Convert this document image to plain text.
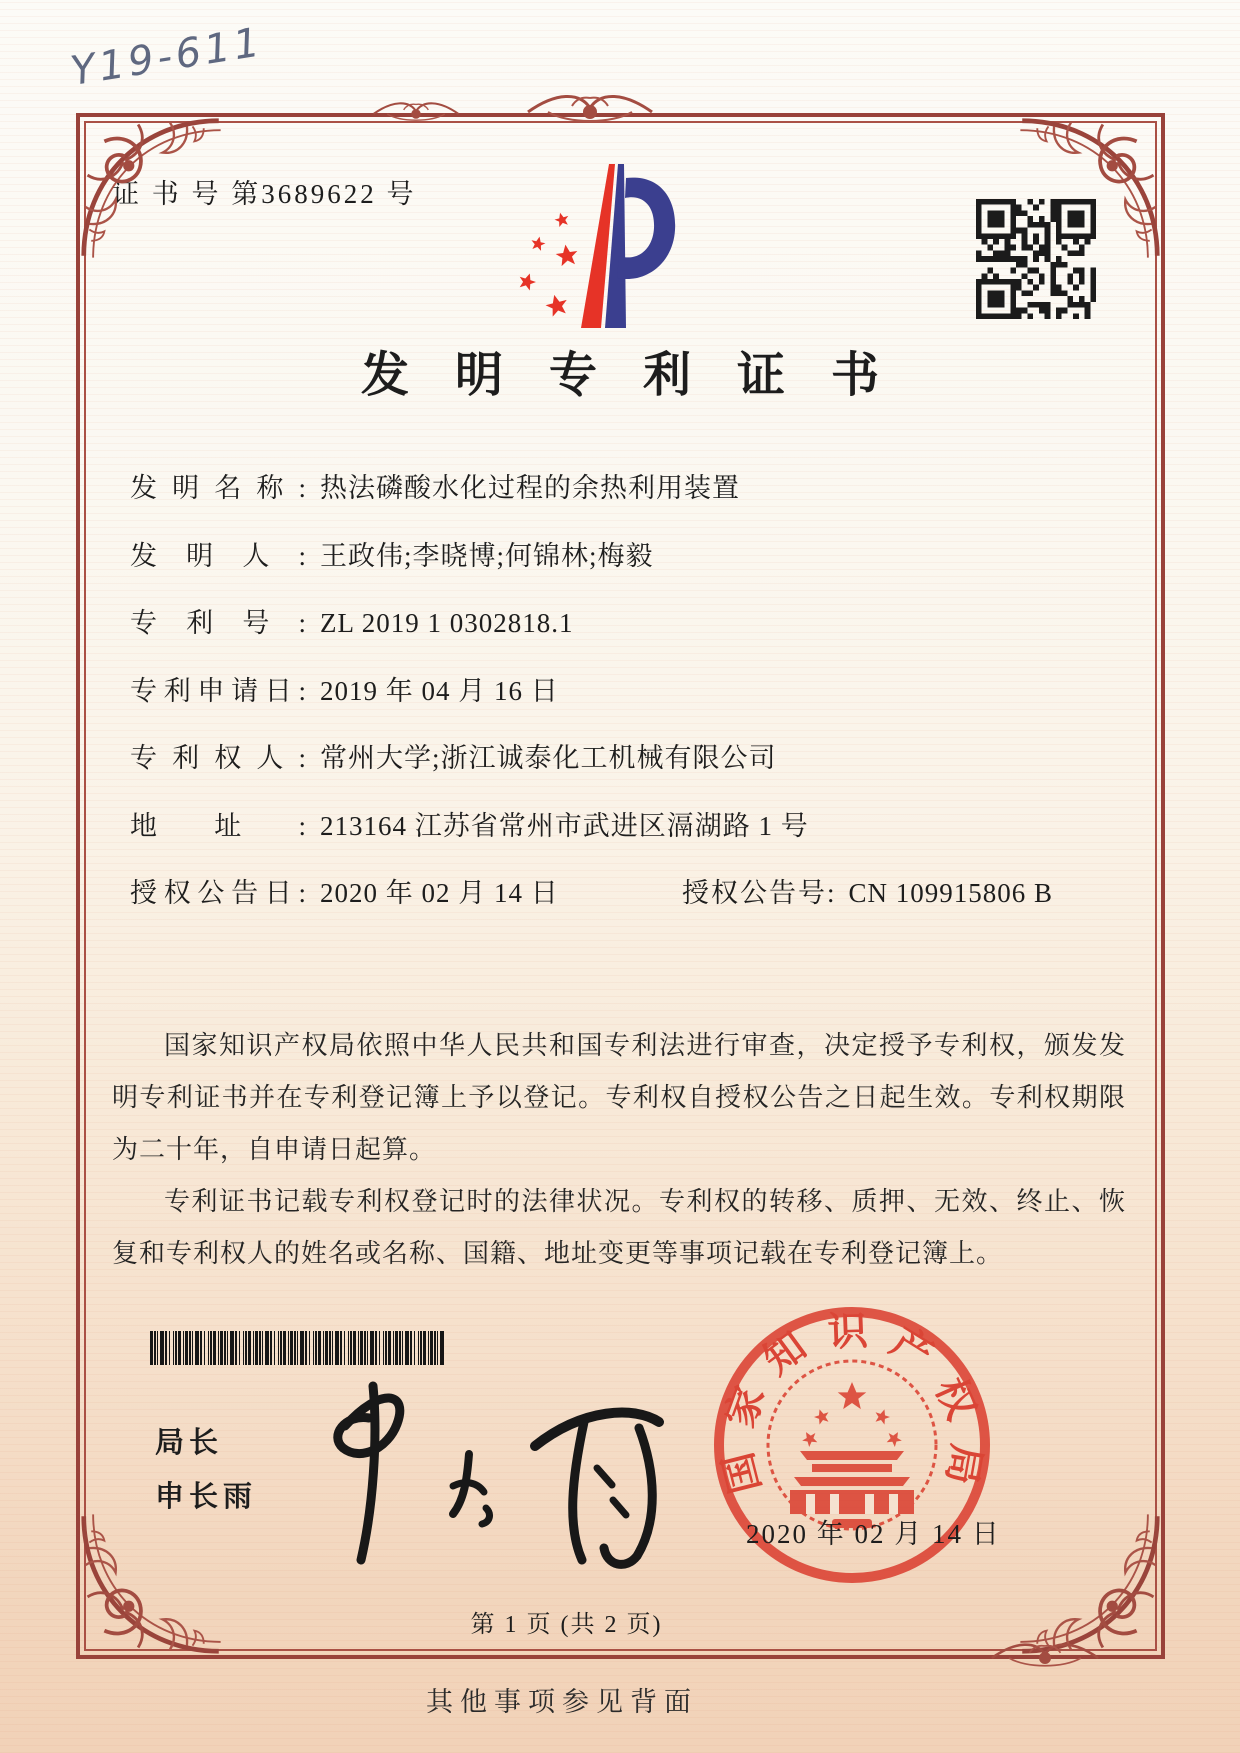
Y19-611
证 书 号 第3689622 号
发明专利证书
发明名称: 热法磷酸水化过程的余热利用装置
发明人: 王政伟;李晓博;何锦林;梅毅
专利号: ZL 2019 1 0302818.1
专利申请日: 2019 年 04 月 16 日
专利权人: 常州大学;浙江诚泰化工机械有限公司
地址: 213164 江苏省常州市武进区滆湖路 1 号
授权公告日: 2020 年 02 月 14 日	授权公告号: CN 109915806 B

国家知识产权局依照中华人民共和国专利法进行审查，决定授予专利权，颁发发明专利证书并在专利登记簿上予以登记。专利权自授权公告之日起生效。专利权期限为二十年，自申请日起算。

专利证书记载专利权登记时的法律状况。专利权的转移、质押、无效、终止、恢复和专利权人的姓名或名称、国籍、地址变更等事项记载在专利登记簿上。

局长
申长雨	国家知识产权局
2020 年 02 月 14 日
第 1 页 (共 2 页)
其他事项参见背面
